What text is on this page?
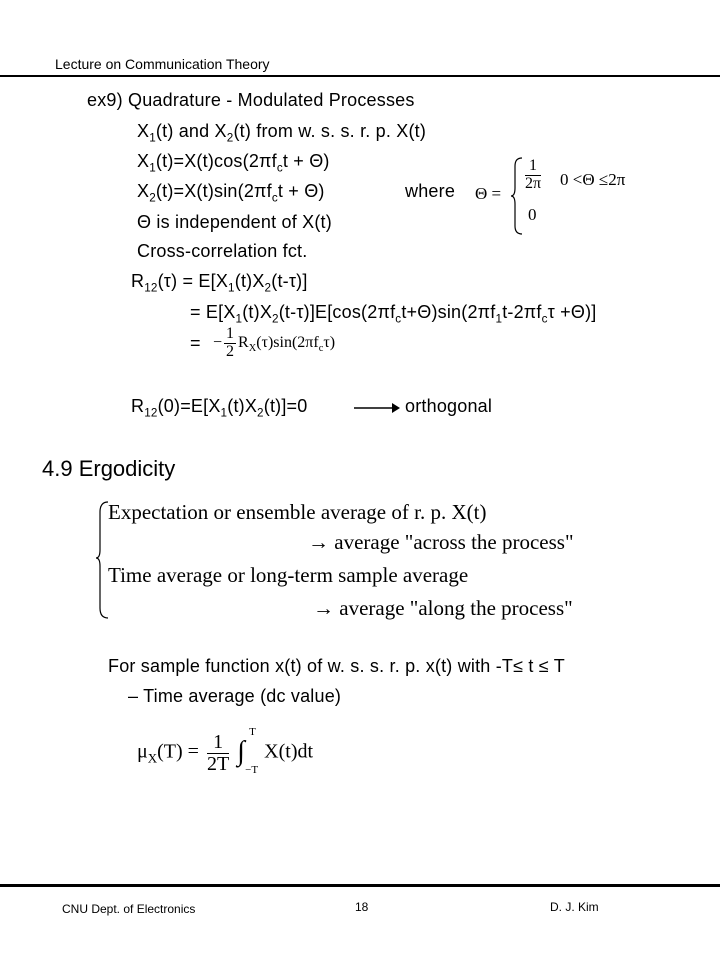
Lecture on Communication Theory
ex9) Quadrature - Modulated Processes
$X_1(t)$ and $X_2(t)$ from w. s. s. r. p. X(t)
$X_1(t)=X(t)\cos(2\pi f_ct + \Theta)$
$X_2(t)=X(t)\sin(2\pi f_ct + \Theta)$	where Θ =
$\frac{1}{2\pi} 0 <\Theta \le 2\pi$
0
Θ is independent of X(t)
Cross-correlation fct.
$R_{12}(\tau) = E[X_1(t)X_2(t-\tau)]$
= $E[X_1(t)X_2(t-\tau)]E[\cos(2\pi f_ct+\Theta)\sin(2\pi f_1t-2\pi f_c\tau +\Theta)]$
= − $\frac{1}{2} R_X(\tau)\sin(2\pi f_c\tau)$
$R_{12}(0)=E[X_1(t)X_2(t)]=0$	orthogonal
4.9 Ergodicity
Expectation or ensemble average of r. p. X(t)
→ average "across the process"
Time average or long-term sample average
→ average "along the process"
For sample function x(t) of w. s. s. r. p. x(t) with -T≤ t ≤ T
– Time average (dc value)
$\mu_X(T) = \frac{1}{2T}$
∫
T
−T
X(t)dt
CNU Dept. of Electronics	18	D. J. Kim
